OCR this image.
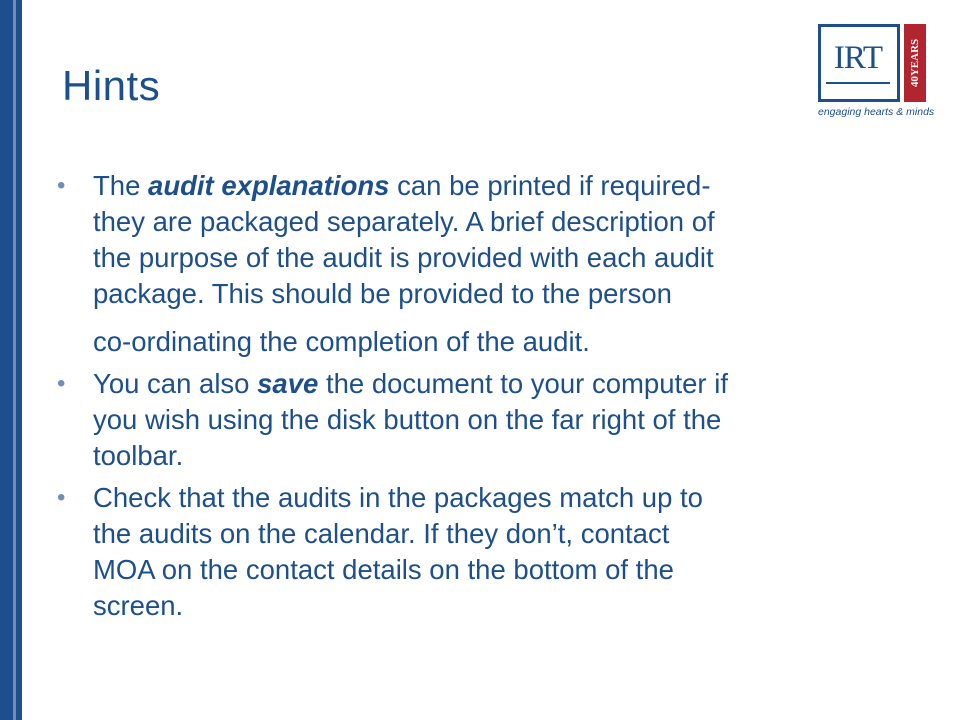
Hints
IRT	40YEARS
engaging hearts & minds
• The audit explanations can be printed if required-
they are packaged separately. A brief description of
the purpose of the audit is provided with each audit
package. This should be provided to the person
co-ordinating the completion of the audit.
• You can also save the document to your computer if
you wish using the disk button on the far right of the
toolbar.
• Check that the audits in the packages match up to
the audits on the calendar. If they don’t, contact
MOA on the contact details on the bottom of the
screen.
